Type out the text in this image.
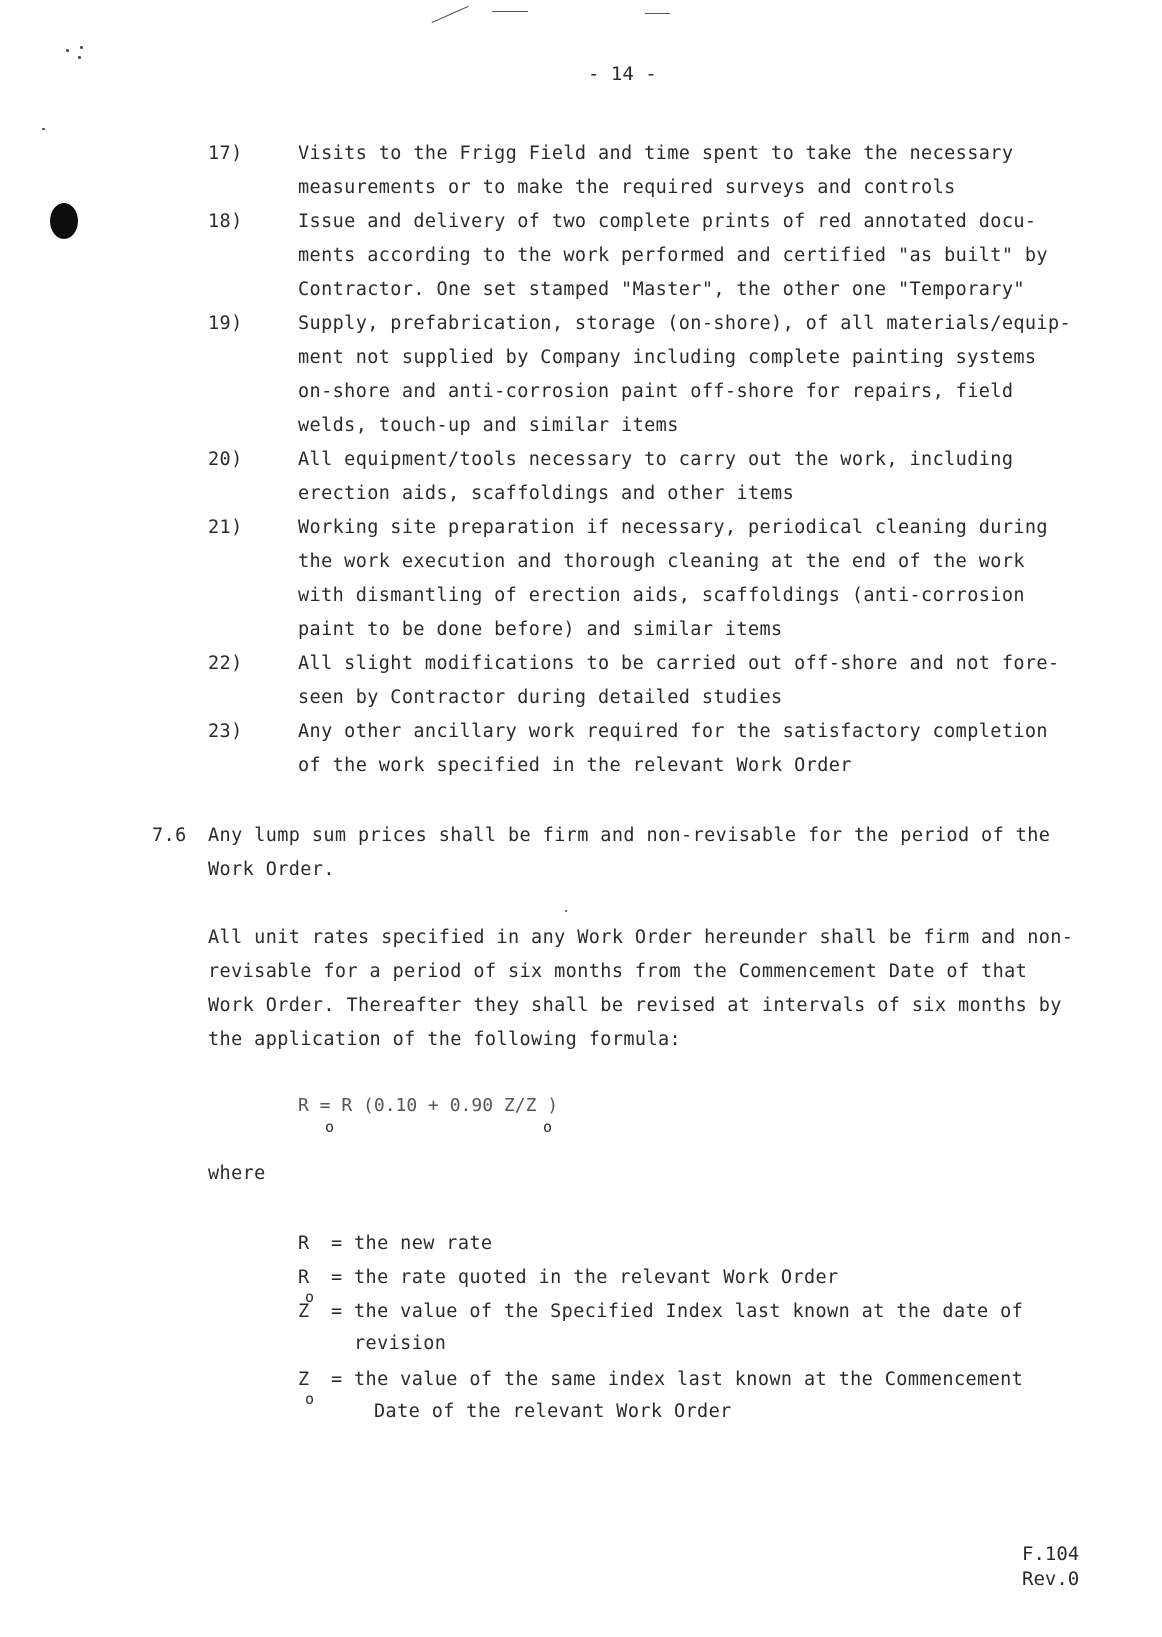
- 14 -
17)	Visits to the Frigg Field and time spent to take the necessary
measurements or to make the required surveys and controls
18)	Issue and delivery of two complete prints of red annotated docu-
ments according to the work performed and certified "as built" by
Contractor. One set stamped "Master", the other one "Temporary"
19)	Supply, prefabrication, storage (on-shore), of all materials/equip-
ment not supplied by Company including complete painting systems
on-shore and anti-corrosion paint off-shore for repairs, field
welds, touch-up and similar items
20)	All equipment/tools necessary to carry out the work, including
erection aids, scaffoldings and other items
21)	Working site preparation if necessary, periodical cleaning during
the work execution and thorough cleaning at the end of the work
with dismantling of erection aids, scaffoldings (anti-corrosion
paint to be done before) and similar items
22)	All slight modifications to be carried out off-shore and not fore-
seen by Contractor during detailed studies
23)	Any other ancillary work required for the satisfactory completion
of the work specified in the relevant Work Order
7.6 Any lump sum prices shall be firm and non-revisable for the period of the
Work Order.
All unit rates specified in any Work Order hereunder shall be firm and non-
revisable for a period of six months from the Commencement Date of that
Work Order. Thereafter they shall be revised at intervals of six months by
the application of the following formula:
R = R (0.10 + 0.90 Z/Z )
o	o
where
R = the new rate
R
o
= the rate quoted in the relevant Work Order
Z = the value of the Specified Index last known at the date of
revision
Z
o
= the value of the same index last known at the Commencement
Date of the relevant Work Order
F.104
Rev.0
